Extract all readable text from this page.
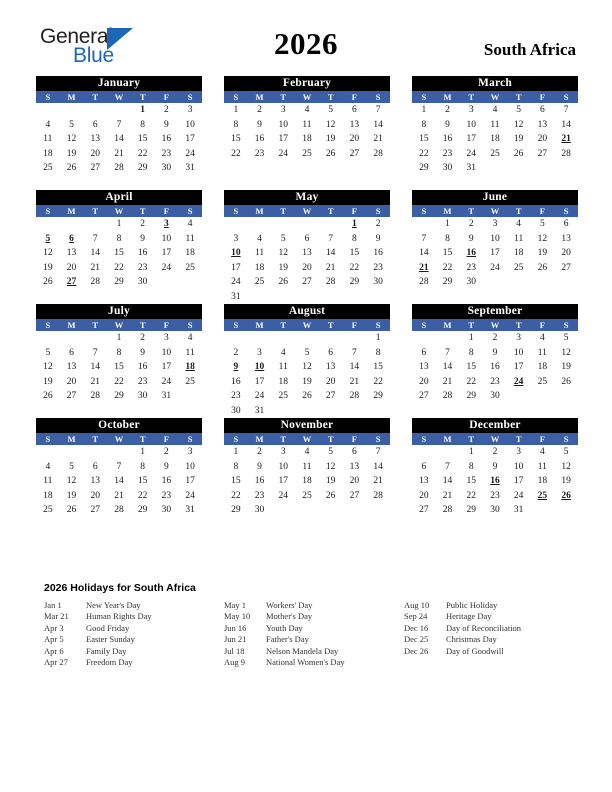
General
Blue	2026	South Africa
January
S	M	T	W	T	F	S
				1	2	3
4	5	6	7	8	9	10
11	12	13	14	15	16	17
18	19	20	21	22	23	24
25	26	27	28	29	30	31

February
S	M	T	W	T	F	S
1	2	3	4	5	6	7
8	9	10	11	12	13	14
15	16	17	18	19	20	21
22	23	24	25	26	27	28

March
S	M	T	W	T	F	S
1	2	3	4	5	6	7
8	9	10	11	12	13	14
15	16	17	18	19	20	21
22	23	24	25	26	27	28
29	30	31				

April
S	M	T	W	T	F	S
			1	2	3	4
5	6	7	8	9	10	11
12	13	14	15	16	17	18
19	20	21	22	23	24	25
26	27	28	29	30		

May
S	M	T	W	T	F	S
					1	2
3	4	5	6	7	8	9
10	11	12	13	14	15	16
17	18	19	20	21	22	23
24	25	26	27	28	29	30
31						
June
S	M	T	W	T	F	S
	1	2	3	4	5	6
7	8	9	10	11	12	13
14	15	16	17	18	19	20
21	22	23	24	25	26	27
28	29	30				

July
S	M	T	W	T	F	S
			1	2	3	4
5	6	7	8	9	10	11
12	13	14	15	16	17	18
19	20	21	22	23	24	25
26	27	28	29	30	31	

August
S	M	T	W	T	F	S
						1
2	3	4	5	6	7	8
9	10	11	12	13	14	15
16	17	18	19	20	21	22
23	24	25	26	27	28	29
30	31					
September
S	M	T	W	T	F	S
		1	2	3	4	5
6	7	8	9	10	11	12
13	14	15	16	17	18	19
20	21	22	23	24	25	26
27	28	29	30			

October
S	M	T	W	T	F	S
				1	2	3
4	5	6	7	8	9	10
11	12	13	14	15	16	17
18	19	20	21	22	23	24
25	26	27	28	29	30	31

November
S	M	T	W	T	F	S
1	2	3	4	5	6	7
8	9	10	11	12	13	14
15	16	17	18	19	20	21
22	23	24	25	26	27	28
29	30					

December
S	M	T	W	T	F	S
		1	2	3	4	5
6	7	8	9	10	11	12
13	14	15	16	17	18	19
20	21	22	23	24	25	26
27	28	29	30	31		

2026 Holidays for South Africa
Jan 1	New Year's Day
Mar 21	Human Rights Day
Apr 3	Good Friday
Apr 5	Easter Sunday
Apr 6	Family Day
Apr 27	Freedom Day
May 1	Workers' Day
May 10	Mother's Day
Jun 16	Youth Day
Jun 21	Father's Day
Jul 18	Nelson Mandela Day
Aug 9	National Women's Day
Aug 10	Public Holiday
Sep 24	Heritage Day
Dec 16	Day of Reconciliation
Dec 25	Christmas Day
Dec 26	Day of Goodwill
